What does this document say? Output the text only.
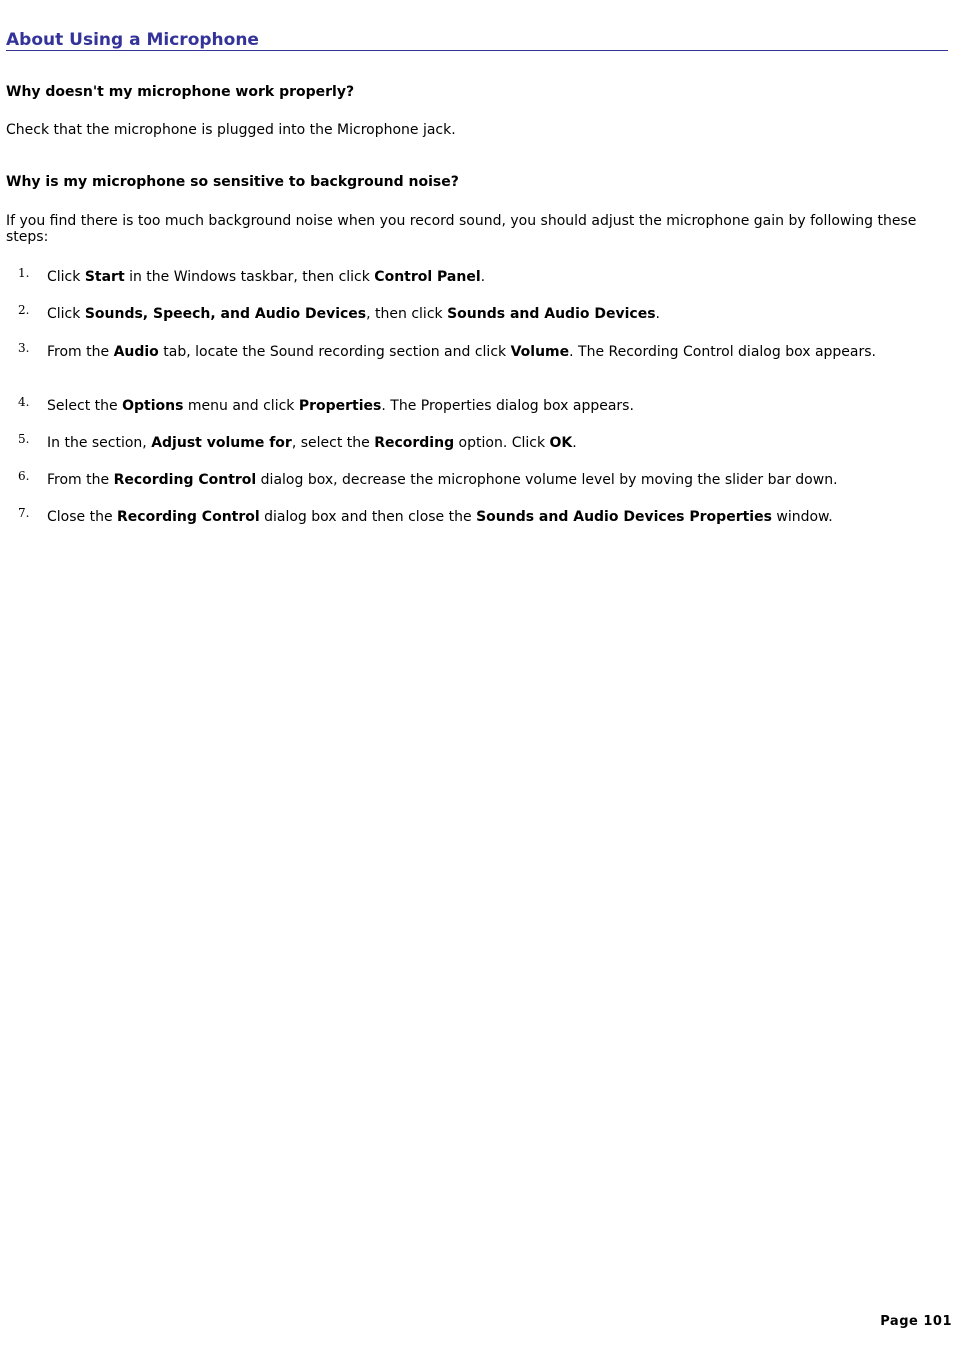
About Using a Microphone
Why doesn't my microphone work properly?
Check that the microphone is plugged into the Microphone jack.
Why is my microphone so sensitive to background noise?
If you find there is too much background noise when you record sound, you should adjust the microphone gain by following these steps:
1. Click Start in the Windows taskbar, then click Control Panel.
2. Click Sounds, Speech, and Audio Devices, then click Sounds and Audio Devices.
3. From the Audio tab, locate the Sound recording section and click Volume. The Recording Control dialog box appears.
4. Select the Options menu and click Properties. The Properties dialog box appears.
5. In the section, Adjust volume for, select the Recording option. Click OK.
6. From the Recording Control dialog box, decrease the microphone volume level by moving the slider bar down.
7. Close the Recording Control dialog box and then close the Sounds and Audio Devices Properties window.
Page 101
